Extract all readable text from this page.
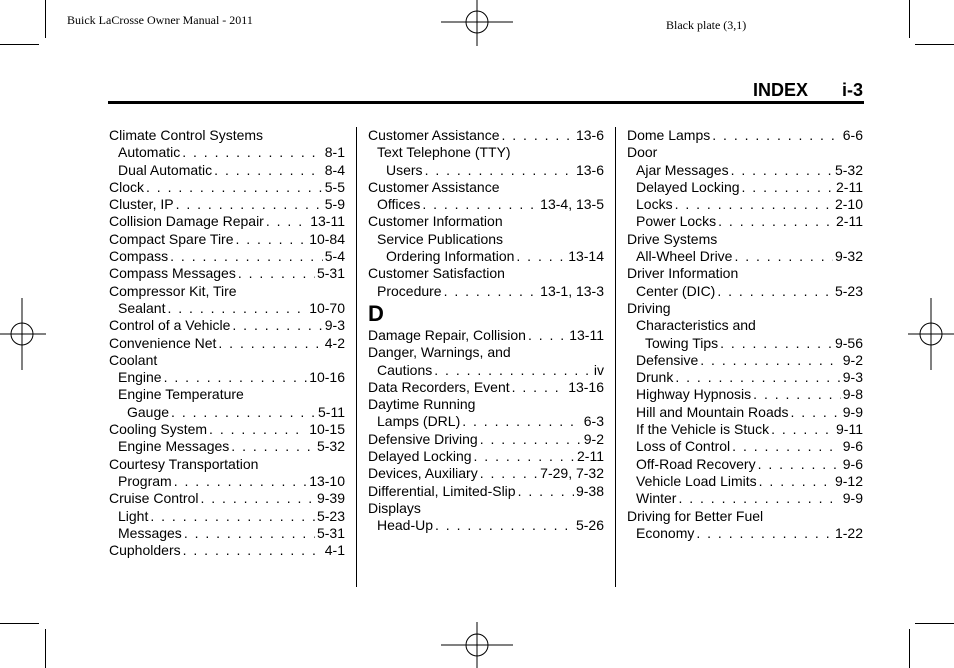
Buick LaCrosse Owner Manual - 2011	Black plate (3,1)
INDEX i-3
Climate Control Systems
Automatic . . .	8-1
Dual Automatic . . .	8-4
Clock . . .	5-5
Cluster, IP . . .	5-9
Collision Damage Repair . . .	13-11
Compact Spare Tire . . .	10-84
Compass . . .	5-4
Compass Messages . . .	5-31
Compressor Kit, Tire
Sealant . . .	10-70
Control of a Vehicle . . .	9-3
Convenience Net . . .	4-2
Coolant
Engine . . .	10-16
Engine Temperature
Gauge . . .	5-11
Cooling System . . .	10-15
Engine Messages . . .	5-32
Courtesy Transportation
Program . . .	13-10
Cruise Control . . .	9-39
Light . . .	5-23
Messages . . .	5-31
Cupholders . . .	4-1
Customer Assistance . . .	13-6
Text Telephone (TTY)
Users . . .	13-6
Customer Assistance
Offices . . .	13-4, 13-5
Customer Information
Service Publications
Ordering Information . . .	13-14
Customer Satisfaction
Procedure . . .	13-1, 13-3
D
Damage Repair, Collision . . .	13-11
Danger, Warnings, and
Cautions . . .	iv
Data Recorders, Event . . .	13-16
Daytime Running
Lamps (DRL) . . .	6-3
Defensive Driving . . .	9-2
Delayed Locking . . .	2-11
Devices, Auxiliary . . .	7-29, 7-32
Differential, Limited-Slip . . .	9-38
Displays
Head-Up . . .	5-26
Dome Lamps . . .	6-6
Door
Ajar Messages . . .	5-32
Delayed Locking . . .	2-11
Locks . . .	2-10
Power Locks . . .	2-11
Drive Systems
All-Wheel Drive . . .	9-32
Driver Information
Center (DIC) . . .	5-23
Driving
Characteristics and
Towing Tips . . .	9-56
Defensive . . .	9-2
Drunk . . .	9-3
Highway Hypnosis . . .	9-8
Hill and Mountain Roads . . .	9-9
If the Vehicle is Stuck . . .	9-11
Loss of Control . . .	9-6
Off-Road Recovery . . .	9-6
Vehicle Load Limits . . .	9-12
Winter . . .	9-9
Driving for Better Fuel
Economy . . .	1-22
